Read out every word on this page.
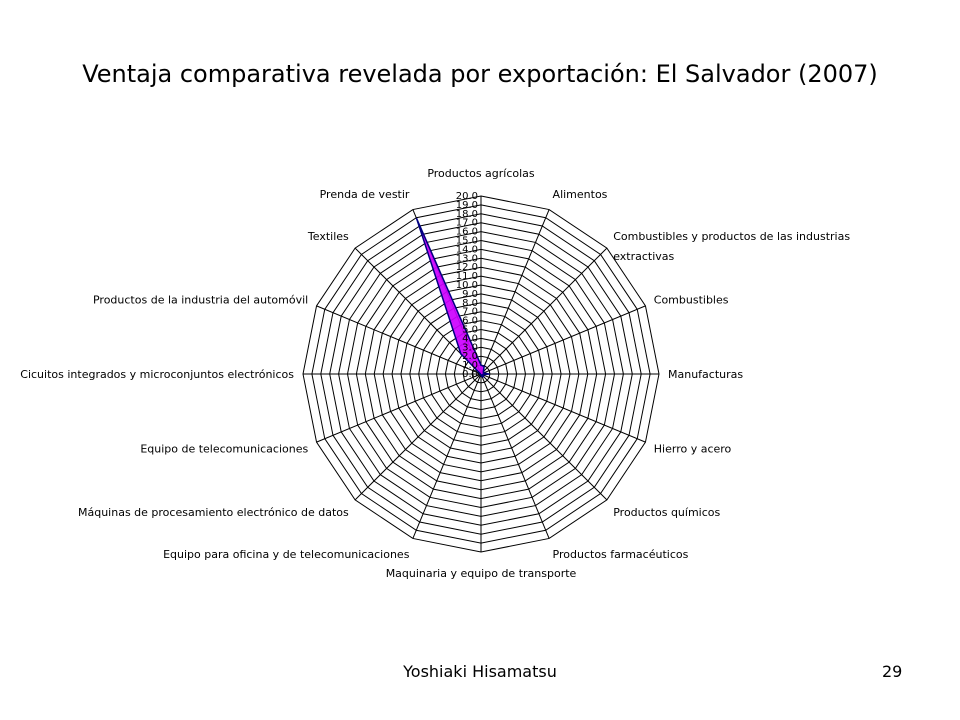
Ventaja comparativa revelada por exportación: El Salvador (2007)
0.0
1.0
2.0
3.0
4.0
5.0
6.0
7.0
8.0
9.0
10.0
11.0
12.0
13.0
14.0
15.0
16.0
17.0
18.0
19.0
20.0
Productos agrícolas
Alimentos
Combustibles y productos de las industrias extractivas
Combustibles
Manufacturas
Hierro y acero
Productos químicos
Productos farmacéuticos
Maquinaria y equipo de transporte
Equipo para oficina y de telecomunicaciones
Máquinas de procesamiento electrónico de datos
Equipo de telecomunicaciones
Cicuitos integrados y microconjuntos electrónicos
Productos de la industria del automóvil
Textiles
Prenda de vestir
Yoshiaki Hisamatsu	29
